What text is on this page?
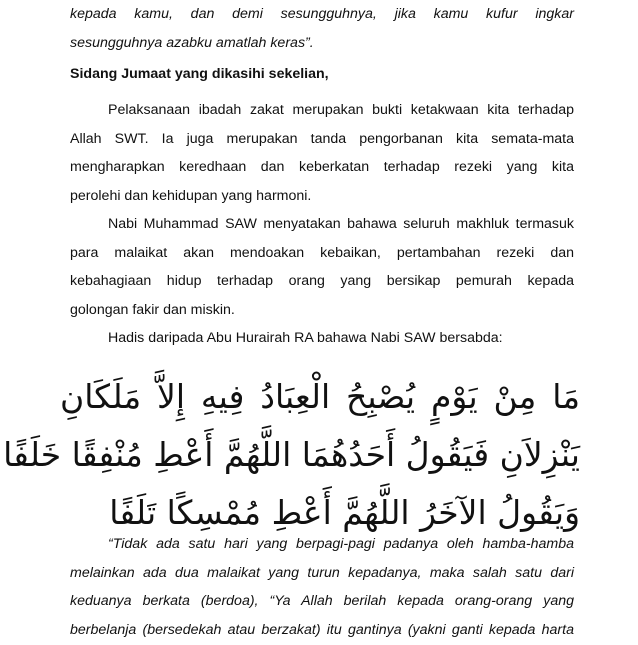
kepada kamu, dan demi sesungguhnya, jika kamu kufur ingkar
sesungguhnya azabku amatlah keras”.
Sidang Jumaat yang dikasihi sekelian,
Pelaksanaan ibadah zakat merupakan bukti ketakwaan kita terhadap
Allah SWT. Ia juga merupakan tanda pengorbanan kita semata-mata
mengharapkan keredhaan dan keberkatan terhadap rezeki yang kita
perolehi dan kehidupan yang harmoni.
Nabi Muhammad SAW menyatakan bahawa seluruh makhluk termasuk
para malaikat akan mendoakan kebaikan, pertambahan rezeki dan
kebahagiaan hidup terhadap orang yang bersikap pemurah kepada
golongan fakir dan miskin.
Hadis daripada Abu Hurairah RA bahawa Nabi SAW bersabda:
مَا مِنْ يَوْمٍ يُصْبِحُ الْعِبَادُ فِيهِ إِلاَّ مَلَكَانِ
يَنْزِلاَنِ فَيَقُولُ أَحَدُهُمَا اللَّهُمَّ أَعْطِ مُنْفِقًا خَلَفًا
وَيَقُولُ الآخَرُ اللَّهُمَّ أَعْطِ مُمْسِكًا تَلَفًا
“Tidak ada satu hari yang berpagi-pagi padanya oleh hamba-hamba
melainkan ada dua malaikat yang turun kepadanya, maka salah satu dari
keduanya berkata (berdoa), “Ya Allah berilah kepada orang-orang yang
berbelanja (bersedekah atau berzakat) itu gantinya (yakni ganti kepada harta
